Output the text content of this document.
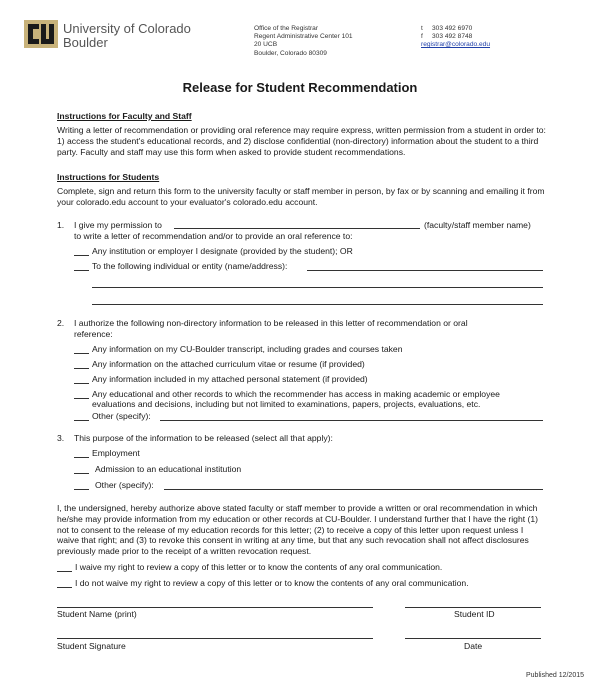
University of Colorado
Boulder
Office of the Registrar
Regent Administrative Center 101
20 UCB
Boulder, Colorado 80309
t 303 492 6970
f 303 492 8748
registrar@colorado.edu
Release for Student Recommendation
Instructions for Faculty and Staff
Writing a letter of recommendation or providing oral reference may require express, written permission from a student in order to: 1) access the student's educational records, and 2) disclose confidential (non-directory) information about the student to a third party. Faculty and staff may use this form when asked to provide student recommendations.
Instructions for Students
Complete, sign and return this form to the university faculty or staff member in person, by fax or by scanning and emailing it from your colorado.edu account to your evaluator's colorado.edu account.
1. I give my permission to	(faculty/staff member name)
to write a letter of recommendation and/or to provide an oral reference to:
Any institution or employer I designate (provided by the student); OR
To the following individual or entity (name/address):
2. I authorize the following non-directory information to be released in this letter of recommendation or oral
reference:
Any information on my CU-Boulder transcript, including grades and courses taken
Any information on the attached curriculum vitae or resume (if provided)
Any information included in my attached personal statement (if provided)
Any educational and other records to which the recommender has access in making academic or employee
evaluations and decisions, including but not limited to examinations, papers, projects, evaluations, etc.
Other (specify):
3. This purpose of the information to be released (select all that apply):
Employment
Admission to an educational institution
Other (specify):
I, the undersigned, hereby authorize above stated faculty or staff member to provide a written or oral recommendation in which he/she may provide information from my education or other records at CU-Boulder. I understand further that I have the right (1) not to consent to the release of my education records for this letter; (2) to receive a copy of this letter upon request unless I waive that right; and (3) to revoke this consent in writing at any time, but that any such revocation shall not affect disclosures previously made prior to the receipt of a written revocation request.
I waive my right to review a copy of this letter or to know the contents of any oral communication.
I do not waive my right to review a copy of this letter or to know the contents of any oral communication.
Student Name (print)	Student ID
Student Signature	Date
Published 12/2015
